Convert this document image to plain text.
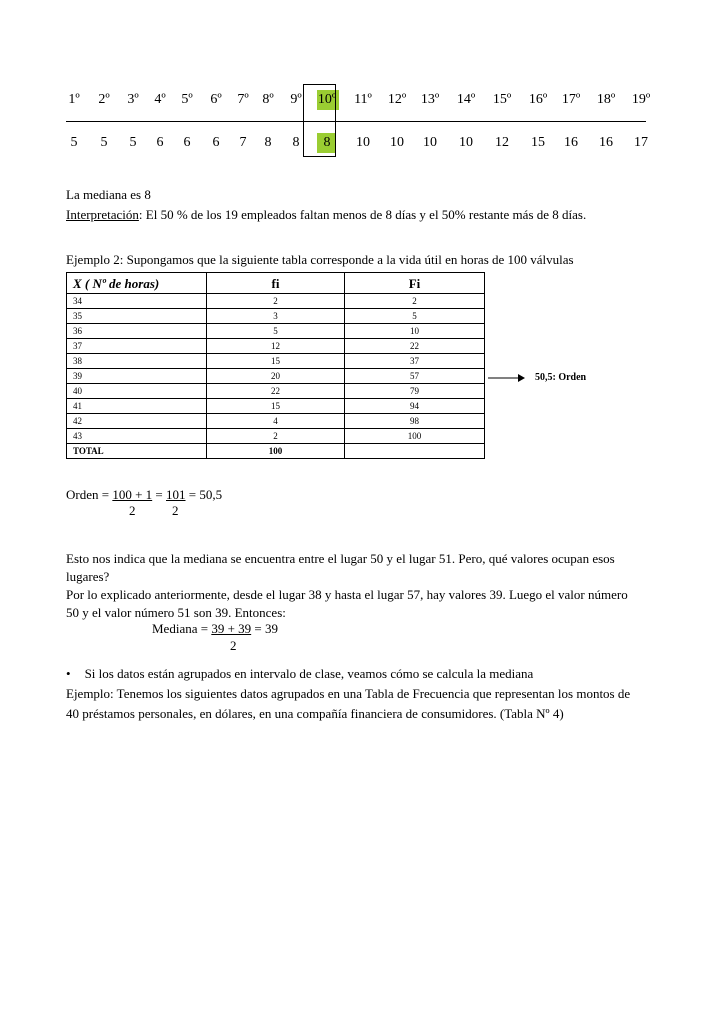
1º	2º	3º	4º	5º	6º	7º 8º	9º	10º	11º	12º	13º	14º	15º	16º	17º	18º	19º
5	5	5	6	6	6	7	8	8	8	10	10	10	10	12	15	16	16	17
La mediana es 8
Interpretación: El 50 % de los 19 empleados faltan menos de 8 días y el 50% restante más de 8 días.
Ejemplo 2: Supongamos que la siguiente tabla corresponde a la vida útil en horas de 100 válvulas
X ( Nº de horas)	fi	Fi
34	2	2
35	3	5
36	5	10
37	12	22
38	15	37
39	20	57
40	22	79
41	15	94
42	4	98
43	2	100
TOTAL	100	
50,5: Orden
Orden = 100 + 1 = 101 = 50,5
2	2
Esto nos indica que la mediana se encuentra entre el lugar 50 y el lugar 51. Pero, qué valores ocupan esos
lugares?
Por lo explicado anteriormente, desde el lugar 38 y hasta el lugar 57, hay valores 39. Luego el valor número
50 y el valor número 51 son 39. Entonces:
Mediana = 39 + 39 = 39
2
• Si los datos están agrupados en intervalo de clase, veamos cómo se calcula la mediana
Ejemplo: Tenemos los siguientes datos agrupados en una Tabla de Frecuencia que representan los montos de
40 préstamos personales, en dólares, en una compañía financiera de consumidores. (Tabla Nº 4)
